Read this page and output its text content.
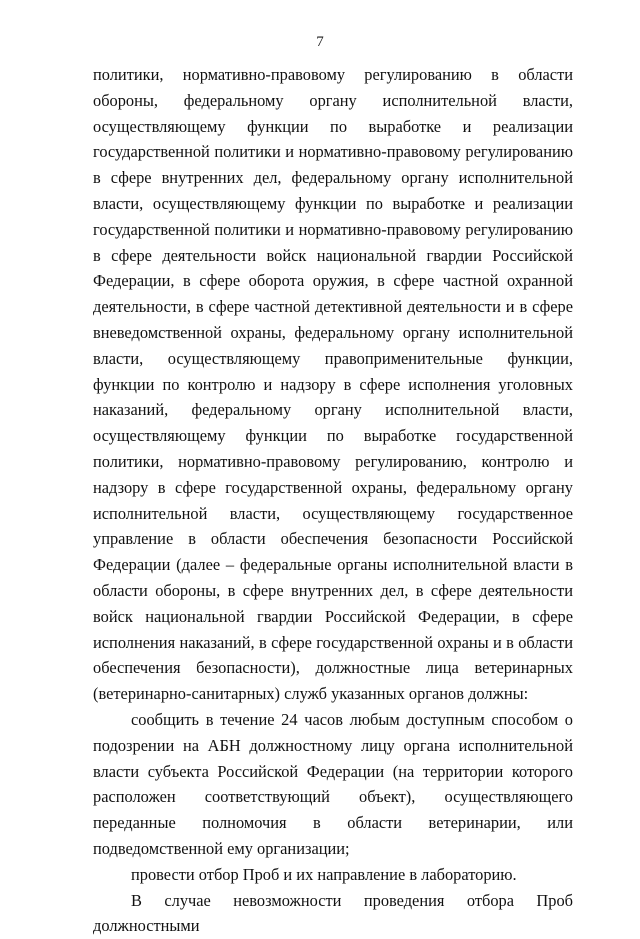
7

политики, нормативно-правовому регулированию в области обороны, федеральному органу исполнительной власти, осуществляющему функции по выработке и реализации государственной политики и нормативно-правовому регулированию в сфере внутренних дел, федеральному органу исполнительной власти, осуществляющему функции по выработке и реализации государственной политики и нормативно-правовому регулированию в сфере деятельности войск национальной гвардии Российской Федерации, в сфере оборота оружия, в сфере частной охранной деятельности, в сфере частной детективной деятельности и в сфере вневедомственной охраны, федеральному органу исполнительной власти, осуществляющему правоприменительные функции, функции по контролю и надзору в сфере исполнения уголовных наказаний, федеральному органу исполнительной власти, осуществляющему функции по выработке государственной политики, нормативно-правовому регулированию, контролю и надзору в сфере государственной охраны, федеральному органу исполнительной власти, осуществляющему государственное управление в области обеспечения безопасности Российской Федерации (далее – федеральные органы исполнительной власти в области обороны, в сфере внутренних дел, в сфере деятельности войск национальной гвардии Российской Федерации, в сфере исполнения наказаний, в сфере государственной охраны и в области обеспечения безопасности), должностные лица ветеринарных (ветеринарно-санитарных) служб указанных органов должны:

сообщить в течение 24 часов любым доступным способом о подозрении на АБН должностному лицу органа исполнительной власти субъекта Российской Федерации (на территории которого расположен соответствующий объект), осуществляющего переданные полномочия в области ветеринарии, или подведомственной ему организации;

провести отбор Проб и их направление в лабораторию.

В случае невозможности проведения отбора Проб должностными
